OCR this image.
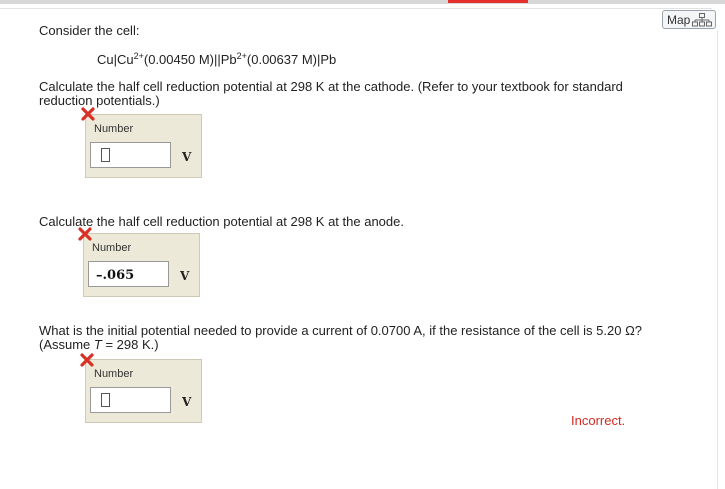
Map
Consider the cell:
$Cu|Cu^{2+}(0.00450$ $M)||Pb^{2+}(0.00637$ M)|Pb
Calculate the half cell reduction potential at 298 K at the cathode. (Refer to your textbook for standard
reduction potentials.)
Number
V
Calculate the half cell reduction potential at 298 K at the anode.
Number
–.065	V
What is the initial potential needed to provide a current of 0.0700 A, if the resistance of the cell is 5.20 Ω?
(Assume T = 298 K.)
Number
V
Incorrect.
